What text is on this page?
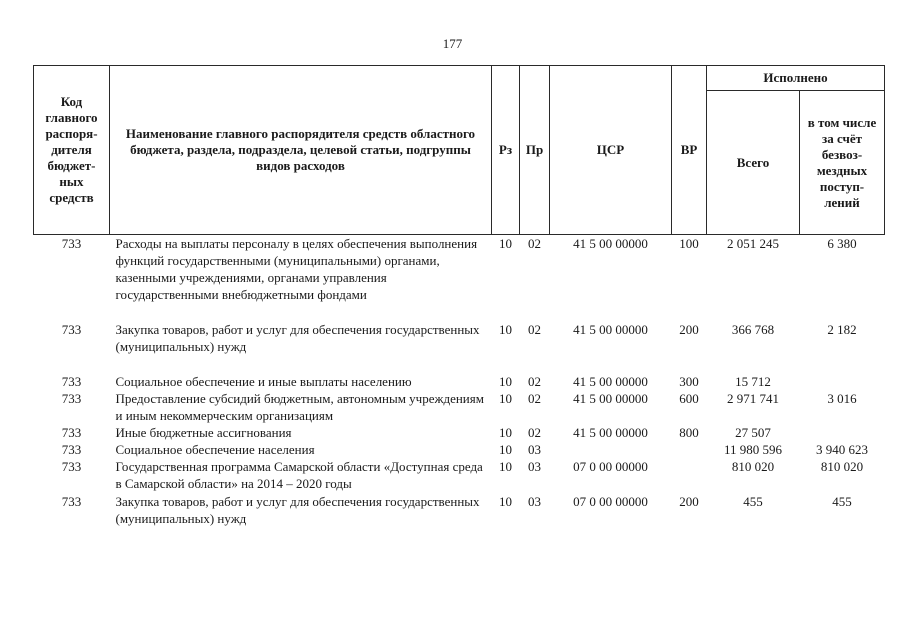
177
Код главного распоря-дителя бюджет-ных средств	Наименование главного распорядителя средств областного бюджета, раздела, подраздела, целевой статьи, подгруппы видов расходов	Рз	Пр	ЦСР	ВР	Исполнено	
						Всего	в том числе за счёт безвоз-мездных поступ-лений
733	Расходы на выплаты персоналу в целях обеспечения выполнения функций государственными (муниципальными) органами, казенными учреждениями, органами управления государственными внебюджетными фондами	10	02	41 5 00 00000	100	2 051 245	6 380
733	Закупка товаров, работ и услуг для обеспечения государственных (муниципальных) нужд	10	02	41 5 00 00000	200	366 768	2 182
733	Социальное обеспечение и иные выплаты населению	10	02	41 5 00 00000	300	15 712	
733	Предоставление субсидий бюджетным, автономным учреждениям и иным некоммерческим организациям	10	02	41 5 00 00000	600	2 971 741	3 016
733	Иные бюджетные ассигнования	10	02	41 5 00 00000	800	27 507	
733	Социальное обеспечение населения	10	03			11 980 596	3 940 623
733	Государственная программа Самарской области «Доступная среда в Самарской области» на 2014 – 2020 годы	10	03	07 0 00 00000		810 020	810 020
733	Закупка товаров, работ и услуг для обеспечения государственных (муниципальных) нужд	10	03	07 0 00 00000	200	455	455
